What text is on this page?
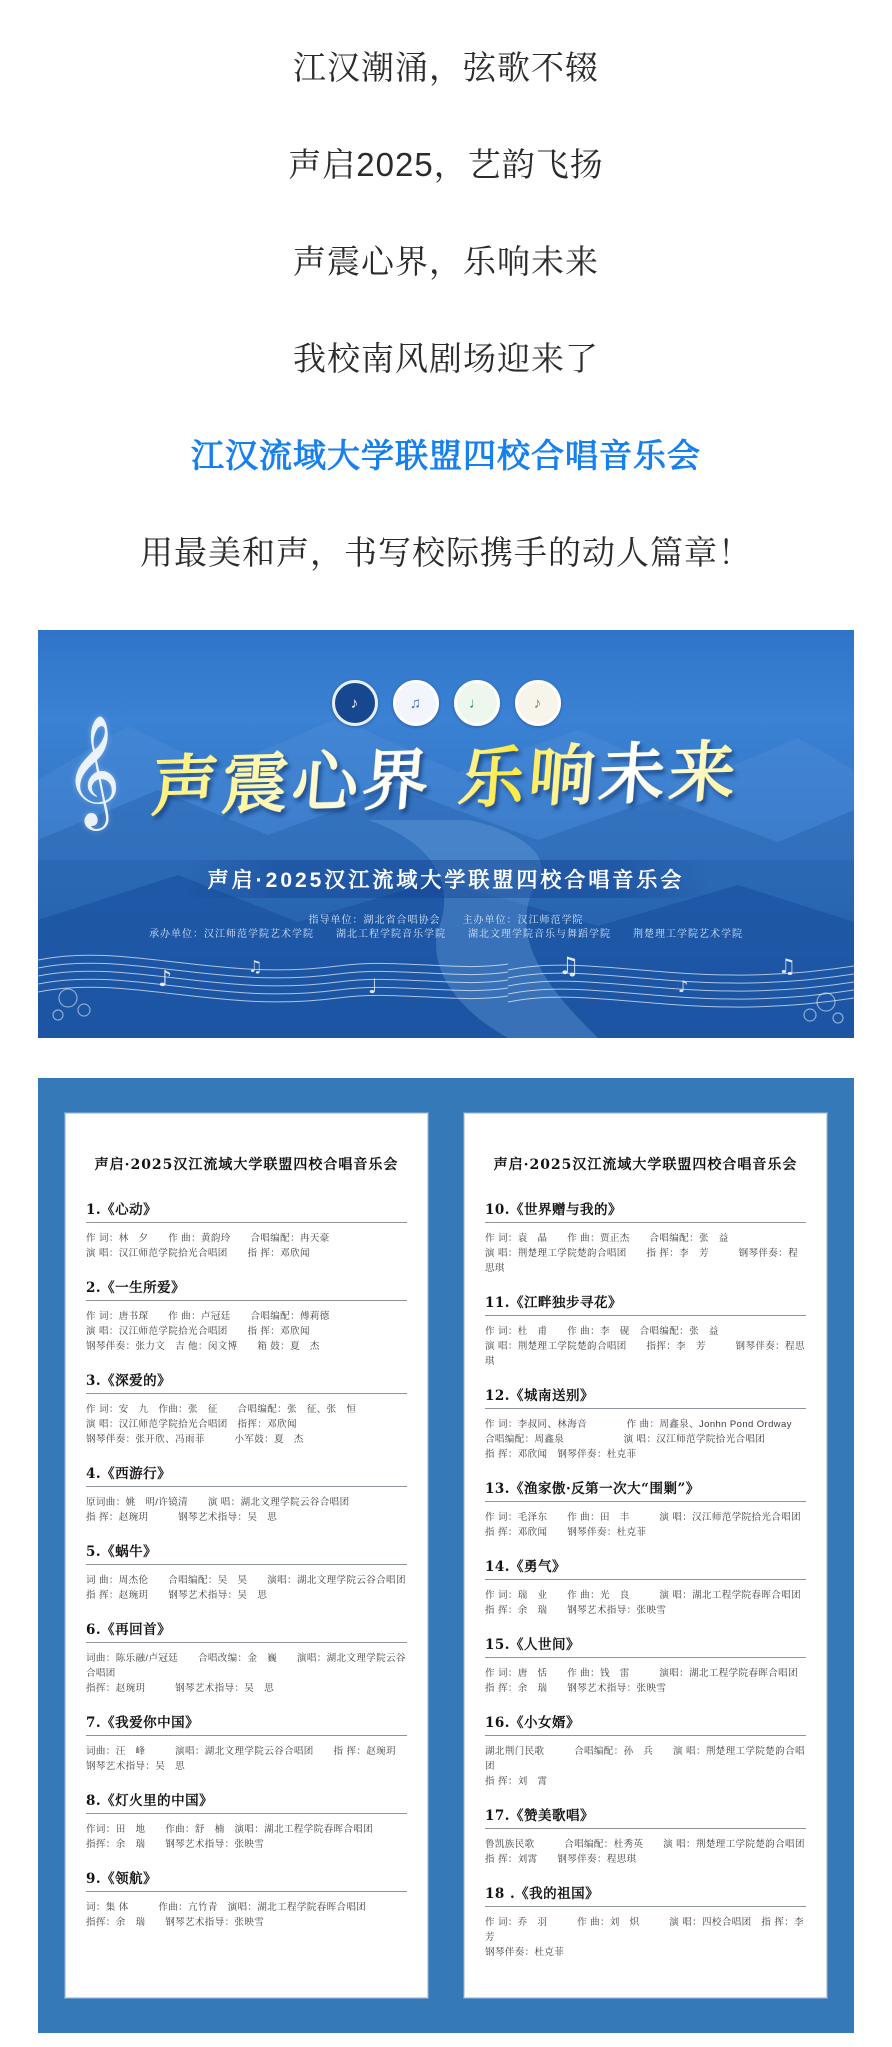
江汉潮涌，弦歌不辍

声启2025，艺韵飞扬

声震心界，乐响未来

我校南风剧场迎来了

江汉流域大学联盟四校合唱音乐会

用最美和声，书写校际携手的动人篇章！

♪	♫	♩	♪
声震心界 乐响未来
声启·2025汉江流域大学联盟四校合唱音乐会
指导单位：湖北省合唱协会　　主办单位：汉江师范学院
承办单位：汉江师范学院艺术学院　　湖北工程学院音乐学院　　湖北文理学院音乐与舞蹈学院　　荆楚理工学院艺术学院
♪
♫
♩
♫
♪
♫
声启·2025汉江流域大学联盟四校合唱音乐会
1.《心动》
作 词：林　夕　　作 曲：黄韵玲　　合唱编配：冉天豪
演 唱：汉江师范学院拾光合唱团　　指 挥：邓欣闻
2.《一生所爱》
作 词：唐书琛　　作 曲：卢冠廷　　合唱编配：傅莉德
演 唱：汉江师范学院拾光合唱团　　指 挥：邓欣闻
钢琴伴奏：张力文　吉 他：闵文博　　箱 鼓：夏　杰
3.《深爱的》
作 词：安　九　作曲：张　征　　合唱编配：张　征、张　恒
演 唱：汉江师范学院拾光合唱团　指挥：邓欣闻
钢琴伴奏：张开欣、冯雨菲　　　小军鼓：夏　杰
4.《西游行》
原词曲：姚　明/许镜清　　演 唱：湖北文理学院云谷合唱团
指 挥：赵琬玥　　　钢琴艺术指导：吴　思
5.《蜗牛》
词 曲：周杰伦　　合唱编配：吴　昊　　演唱：湖北文理学院云谷合唱团
指 挥：赵琬玥　　钢琴艺术指导：吴　思
6.《再回首》
词曲：陈乐融/卢冠廷　　合唱改编：金　巍　　演唱：湖北文理学院云谷合唱团
指挥：赵琬玥　　　钢琴艺术指导：吴　思
7.《我爱你中国》
词曲：汪　峰　　　演唱：湖北文理学院云谷合唱团　　指 挥：赵琬玥
钢琴艺术指导：吴　思
8.《灯火里的中国》
作词：田　地　　作曲：舒　楠　演唱：湖北工程学院春晖合唱团
指挥：余　瑞　　钢琴艺术指导：张映雪
9.《领航》
词：集 体　　　作曲：亢竹青　演唱：湖北工程学院春晖合唱团
指挥：余　瑞　　钢琴艺术指导：张映雪
声启·2025汉江流域大学联盟四校合唱音乐会
10.《世界赠与我的》
作 词：袁　晶　　作 曲：贾正杰　　合唱编配：张　益
演 唱：荆楚理工学院楚韵合唱团　　指 挥：李　芳　　　钢琴伴奏：程思琪
11.《江畔独步寻花》
作 词：杜　甫　　作 曲：李　砚　合唱编配：张　益
演 唱：荆楚理工学院楚韵合唱团　　指挥：李　芳　　　钢琴伴奏：程思琪
12.《城南送别》
作 词：李叔同、林海音　　　　作 曲：周鑫泉、Jonhn Pond Ordway
合唱编配：周鑫泉　　　　　　演 唱：汉江师范学院拾光合唱团
指 挥：邓欣闻　钢琴伴奏：杜克菲
13.《渔家傲·反第一次大“围剿”》
作 词：毛泽东　　作 曲：田　丰　　　演 唱：汉江师范学院拾光合唱团
指 挥：邓欣闻　　钢琴伴奏：杜克菲
14.《勇气》
作 词：瑞　业　　作 曲：光　良　　　演 唱：湖北工程学院春晖合唱团
指 挥：余　瑞　　钢琴艺术指导：张映雪
15.《人世间》
作 词：唐　恬　　作 曲：钱　雷　　　演唱：湖北工程学院春晖合唱团
指 挥：余　瑞　　钢琴艺术指导：张映雪
16.《小女婿》
湖北荆门民歌　　　合唱编配：孙　兵　　演 唱：荆楚理工学院楚韵合唱团
指 挥：刘　霄
17.《赞美歌唱》
鲁凯族民歌　　　合唱编配：杜秀英　　演 唱：荆楚理工学院楚韵合唱团
指 挥：刘霄　　钢琴伴奏：程思琪
18 .《我的祖国》
作 词：乔　羽　　　作 曲：刘　炽　　　演 唱：四校合唱团　指 挥：李　芳
钢琴伴奏：杜克菲
